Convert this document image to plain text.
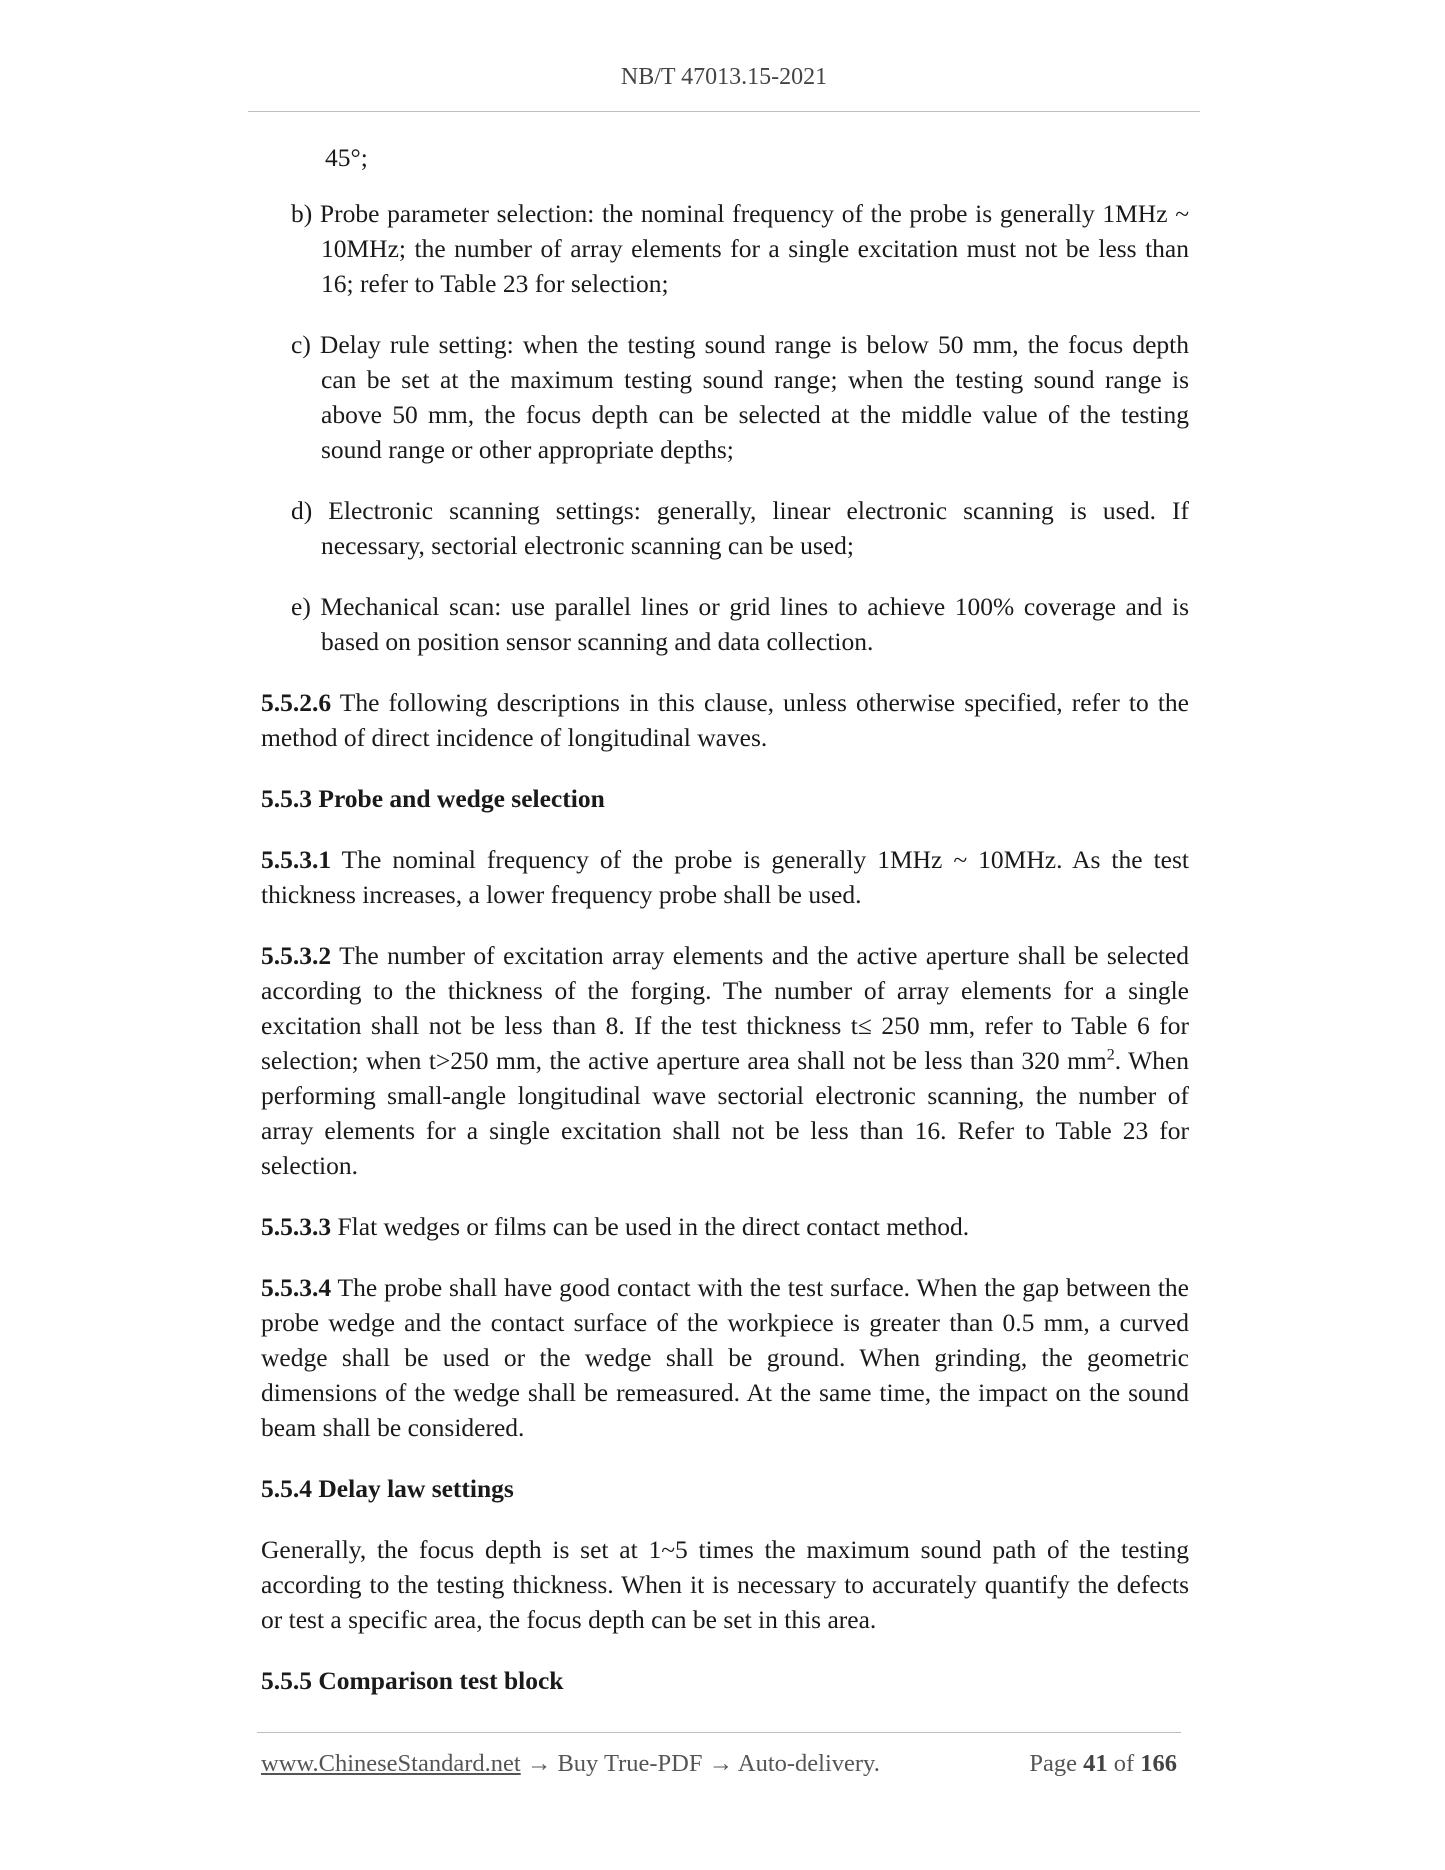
NB/T 47013.15-2021

45°;

b) Probe parameter selection: the nominal frequency of the probe is generally 1MHz ~ 10MHz; the number of array elements for a single excitation must not be less than 16; refer to Table 23 for selection;

c) Delay rule setting: when the testing sound range is below 50 mm, the focus depth can be set at the maximum testing sound range; when the testing sound range is above 50 mm, the focus depth can be selected at the middle value of the testing sound range or other appropriate depths;

d) Electronic scanning settings: generally, linear electronic scanning is used. If necessary, sectorial electronic scanning can be used;

e) Mechanical scan: use parallel lines or grid lines to achieve 100% coverage and is based on position sensor scanning and data collection.

5.5.2.6 The following descriptions in this clause, unless otherwise specified, refer to the method of direct incidence of longitudinal waves.

5.5.3 Probe and wedge selection

5.5.3.1 The nominal frequency of the probe is generally 1MHz ~ 10MHz. As the test thickness increases, a lower frequency probe shall be used.

5.5.3.2 The number of excitation array elements and the active aperture shall be selected according to the thickness of the forging. The number of array elements for a single excitation shall not be less than 8. If the test thickness t≤ 250 mm, refer to Table 6 for selection; when t>250 mm, the active aperture area shall not be less than 320 $mm^2$. When performing small-angle longitudinal wave sectorial electronic scanning, the number of array elements for a single excitation shall not be less than 16. Refer to Table 23 for selection.

5.5.3.3 Flat wedges or films can be used in the direct contact method.

5.5.3.4 The probe shall have good contact with the test surface. When the gap between the probe wedge and the contact surface of the workpiece is greater than 0.5 mm, a curved wedge shall be used or the wedge shall be ground. When grinding, the geometric dimensions of the wedge shall be remeasured. At the same time, the impact on the sound beam shall be considered.

5.5.4 Delay law settings

Generally, the focus depth is set at 1~5 times the maximum sound path of the testing according to the testing thickness. When it is necessary to accurately quantify the defects or test a specific area, the focus depth can be set in this area.

5.5.5 Comparison test block

www.ChineseStandard.net → Buy True-PDF → Auto-delivery.	Page 41 of 166
